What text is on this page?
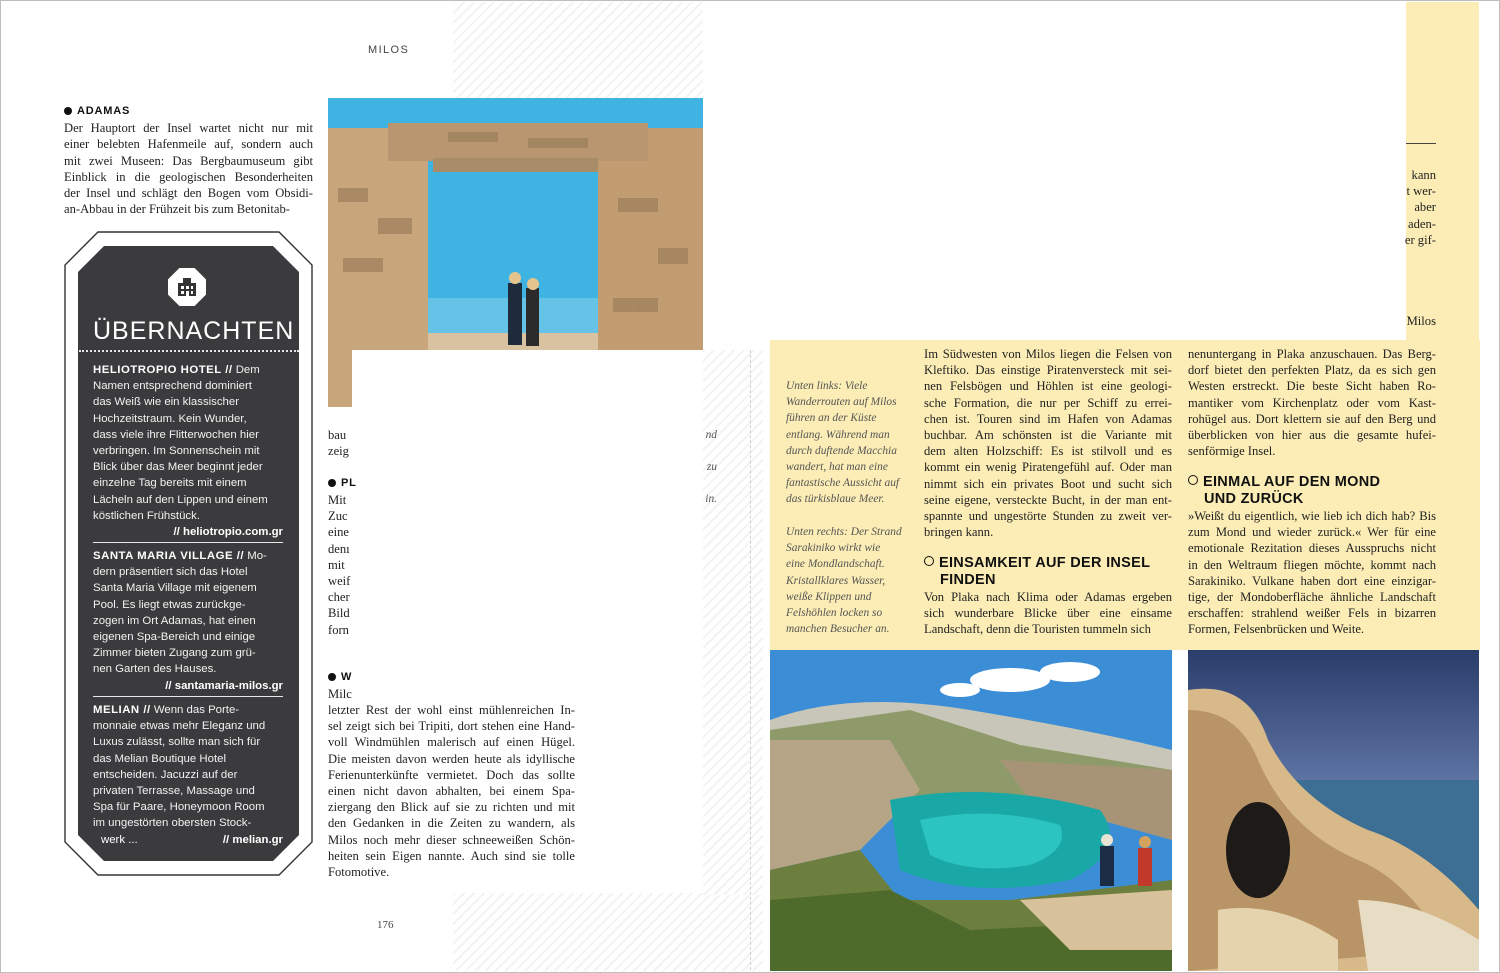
MILOS
ADAMAS
Der Hauptort der Insel wartet nicht nur mit
einer belebten Hafenmeile auf, sondern auch
mit zwei Museen: Das Bergbaumuseum gibt
Einblick in die geologischen Besonderheiten
der Insel und schlägt den Bogen vom Obsidi-
an-Abbau in der Frühzeit bis zum Betonitab-
ÜBERNACHTEN
HELIOTROPIO HOTEL // Dem
Namen entsprechend dominiert
das Weiß wie ein klassischer
Hochzeitstraum. Kein Wunder,
dass viele ihre Flitterwochen hier
verbringen. Im Sonnenschein mit
Blick über das Meer beginnt jeder
einzelne Tag bereits mit einem
Lächeln auf den Lippen und einem
köstlichen Frühstück.
// heliotropio.com.gr
SANTA MARIA VILLAGE // Mo-
dern präsentiert sich das Hotel
Santa Maria Village mit eigenem
Pool. Es liegt etwas zurückge-
zogen im Ort Adamas, hat einen
eigenen Spa-Bereich und einige
Zimmer bieten Zugang zum grü-
nen Garten des Hauses.
// santamaria-milos.gr
MELIAN // Wenn das Porte-
monnaie etwas mehr Eleganz und
Luxus zulässt, sollte man sich für
das Melian Boutique Hotel
entscheiden. Jacuzzi auf der
privaten Terrasse, Massage und
Spa für Paare, Honeymoon Room
im ungestörten obersten Stock-
werk ...	// melian.gr
bau
zeig
PL
Mit
Zuc
eine
denı
mit
weif
cher
Bild
forn
W
Milc
letzter Rest der wohl einst mühlenreichen In-
sel zeigt sich bei Tripiti, dort stehen eine Hand-
voll Windmühlen malerisch auf einen Hügel.
Die meisten davon werden heute als idyllische
Ferienunterkünfte vermietet. Doch das sollte
einen nicht davon abhalten, bei einem Spa-
ziergang den Blick auf sie zu richten und mit
den Gedanken in die Zeiten zu wandern, als
Milos noch mehr dieser schneeweißen Schön-
heiten sein Eigen nannte. Auch sind sie tolle
Fotomotive.
nd
zu
in.
176
kann
t wer-
aber
aden-
er gif-
Unten links: Viele
Wanderrouten auf Milos
führen an der Küste
entlang. Während man
durch duftende Macchia
wandert, hat man eine
fantastische Aussicht auf
das türkisblaue Meer.
Unten rechts: Der Strand
Sarakiniko wirkt wie
eine Mondlandschaft.
Kristallklares Wasser,
weiße Klippen und
Felshöhlen locken so
manchen Besucher an.
Im Südwesten von Milos liegen die Felsen von
Kleftiko. Das einstige Piratenversteck mit sei-
nen Felsbögen und Höhlen ist eine geologi-
sche Formation, die nur per Schiff zu errei-
chen ist. Touren sind im Hafen von Adamas
buchbar. Am schönsten ist die Variante mit
dem alten Holzschiff: Es ist stilvoll und es
kommt ein wenig Piratengefühl auf. Oder man
nimmt sich ein privates Boot und sucht sich
seine eigene, versteckte Bucht, in der man ent-
spannte und ungestörte Stunden zu zweit ver-
bringen kann.
EINSAMKEIT AUF DER INSEL
FINDEN
Von Plaka nach Klima oder Adamas ergeben
sich wunderbare Blicke über eine einsame
Landschaft, denn die Touristen tummeln sich
Milos
nenuntergang in Plaka anzuschauen. Das Berg-
dorf bietet den perfekten Platz, da es sich gen
Westen erstreckt. Die beste Sicht haben Ro-
mantiker vom Kirchenplatz oder vom Kast-
rohügel aus. Dort klettern sie auf den Berg und
überblicken von hier aus die gesamte hufei-
senförmige Insel.
EINMAL AUF DEN MOND
UND ZURÜCK
»Weißt du eigentlich, wie lieb ich dich hab? Bis
zum Mond und wieder zurück.« Wer für eine
emotionale Rezitation dieses Ausspruchs nicht
in den Weltraum fliegen möchte, kommt nach
Sarakiniko. Vulkane haben dort eine einzigar-
tige, der Mondoberfläche ähnliche Landschaft
erschaffen: strahlend weißer Fels in bizarren
Formen, Felsenbrücken und Weite.
